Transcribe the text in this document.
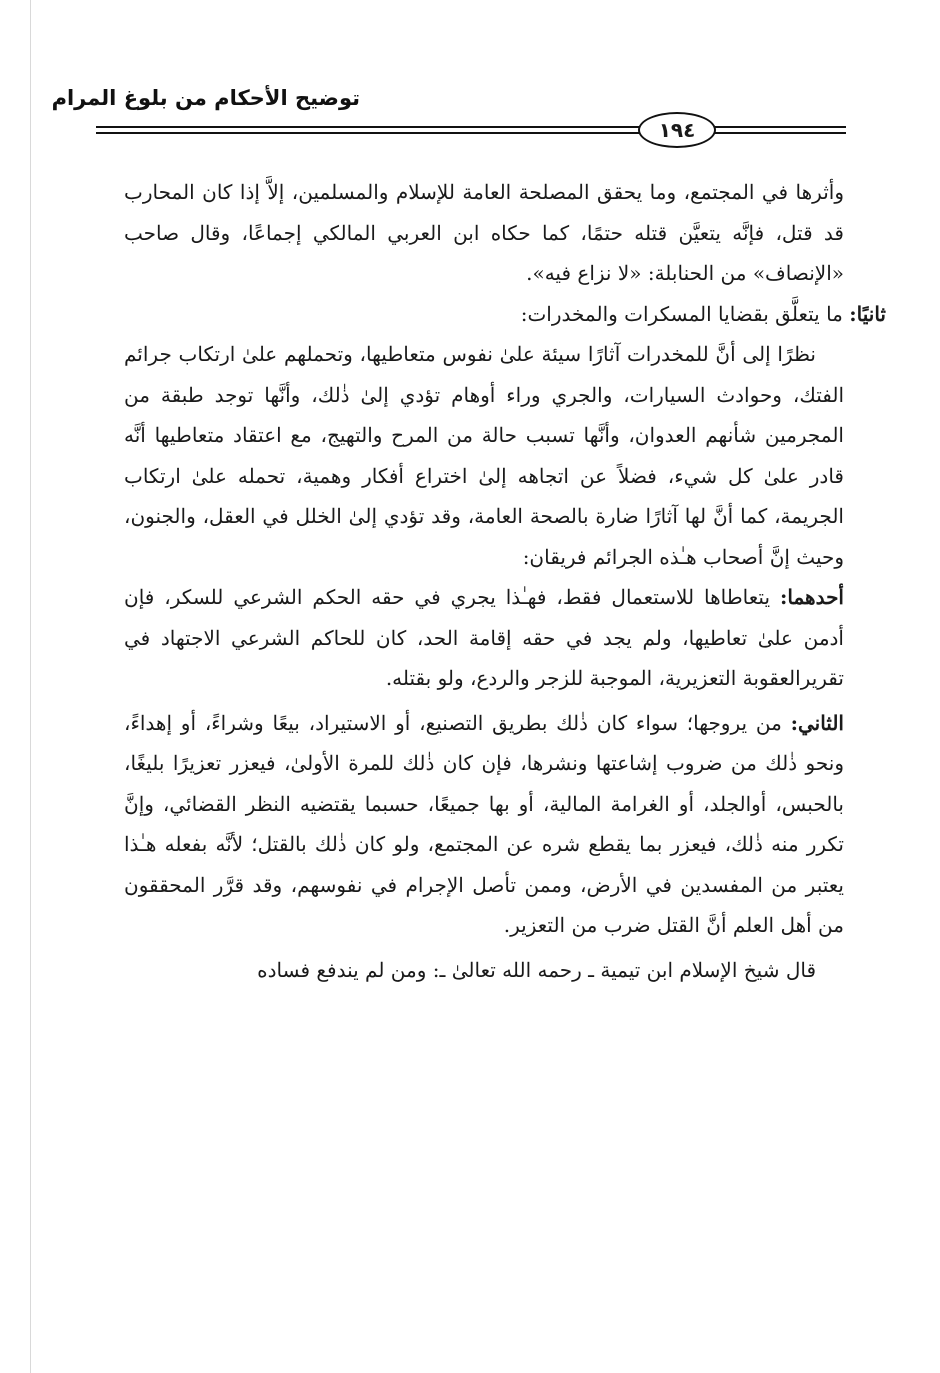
توضيح الأحكام من بلوغ المرام
١٩٤

وأثرها في المجتمع، وما يحقق المصلحة العامة للإسلام والمسلمين، إلاَّ إذا كان المحارب قد قتل، فإنَّه يتعيَّن قتله حتمًا، كما حكاه ابن العربي المالكي إجماعًا، وقال صاحب «الإنصاف» من الحنابلة: «لا نزاع فيه».

ثانيًا: ما يتعلَّق بقضايا المسكرات والمخدرات:

نظرًا إلى أنَّ للمخدرات آثارًا سيئة علىٰ نفوس متعاطيها، وتحملهم علىٰ ارتكاب جرائم الفتك، وحوادث السيارات، والجري وراء أوهام تؤدي إلىٰ ذٰلك، وأنَّها توجد طبقة من المجرمين شأنهم العدوان، وأنَّها تسبب حالة من المرح والتهيج، مع اعتقاد متعاطيها أنَّه قادر علىٰ كل شيء، فضلاً عن اتجاهه إلىٰ اختراع أفكار وهمية، تحمله علىٰ ارتكاب الجريمة، كما أنَّ لها آثارًا ضارة بالصحة العامة، وقد تؤدي إلىٰ الخلل في العقل، والجنون، وحيث إنَّ أصحاب هـٰذه الجرائم فريقان:

أحدهما: يتعاطاها للاستعمال فقط، فهـٰذا يجري في حقه الحكم الشرعي للسكر، فإن أدمن علىٰ تعاطيها، ولم يجد في حقه إقامة الحد، كان للحاكم الشرعي الاجتهاد في تقريرالعقوبة التعزيرية، الموجبة للزجر والردع، ولو بقتله.

الثاني: من يروجها؛ سواء كان ذٰلك بطريق التصنيع، أو الاستيراد، بيعًا وشراءً، أو إهداءً، ونحو ذٰلك من ضروب إشاعتها ونشرها، فإن كان ذٰلك للمرة الأولىٰ، فيعزر تعزيرًا بليغًا، بالحبس، أوالجلد، أو الغرامة المالية، أو بها جميعًا، حسبما يقتضيه النظر القضائي، وإنَّ تكرر منه ذٰلك، فيعزر بما يقطع شره عن المجتمع، ولو كان ذٰلك بالقتل؛ لأنَّه بفعله هـٰذا يعتبر من المفسدين في الأرض، وممن تأصل الإجرام في نفوسهم، وقد قرَّر المحققون من أهل العلم أنَّ القتل ضرب من التعزير.

قال شيخ الإسلام ابن تيمية ـ رحمه الله تعالىٰ ـ: ومن لم يندفع فساده
